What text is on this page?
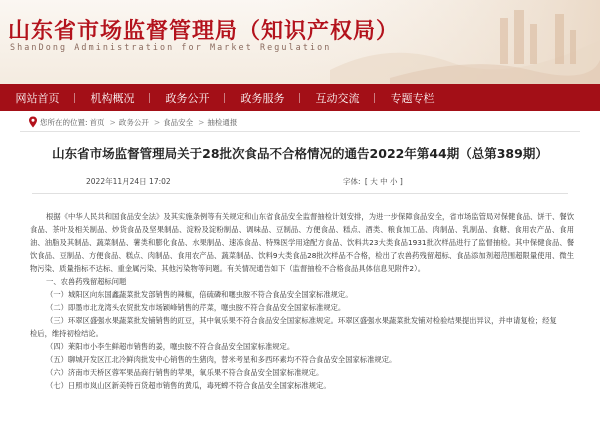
山东省市场监督管理局（知识产权局）
ShanDong Administration for Market Regulation
网站首页	机构概况	政务公开	政务服务	互动交流	专题专栏
您所在的位置: 首页 > 政务公开 > 食品安全 > 抽检通报
山东省市场监督管理局关于28批次食品不合格情况的通告2022年第44期（总第389期）
2022年11月24日 17:02	字体: [ 大 中 小 ]
根据《中华人民共和国食品安全法》及其实施条例等有关规定和山东省食品安全监督抽检计划安排，为进一步保障食品安全，省市场监管局对保健食品、饼干、餐饮食品、茶叶及相关制品、炒货食品及坚果制品、淀粉及淀粉制品、调味品、豆制品、方便食品、糕点、酒类、粮食加工品、肉制品、乳制品、食糖、食用农产品、食用油、油脂及其制品、蔬菜制品、薯类和膨化食品、水果制品、速冻食品、特殊医学用途配方食品、饮料共23大类食品1931批次样品进行了监督抽检。其中保健食品、餐饮食品、豆制品、方便食品、糕点、肉制品、食用农产品、蔬菜制品、饮料9大类食品28批次样品不合格，检出了农兽药残留超标、食品添加剂超范围超限量使用、微生物污染、质量指标不达标、重金属污染、其他污染物等问题。有关情况通告如下（监督抽检不合格食品具体信息见附件2）。
一、农兽药残留超标问题
（一）城阳区向东国鑫蔬菜批发部销售的辣椒，倍硫磷和噻虫胺不符合食品安全国家标准规定。
（二）即墨市北龙湾头农贸批发市场颖峰销售的芹菜，噻虫胺不符合食品安全国家标准规定。
（三）环翠区盛强水果蔬菜批发铺销售的豇豆，其中氧乐果不符合食品安全国家标准规定。环翠区盛强水果蔬菜批发铺对检验结果提出异议，并申请复检；经复
检后，维持初检结论。
（四）莱阳市小李生鲜超市销售的姜，噻虫胺不符合食品安全国家标准规定。
（五）聊城开发区江北冷鲜肉批发中心销售的生猪肉，替米考星和多西环素均不符合食品安全国家标准规定。
（六）济南市天桥区蓉军果品商行销售的苹果，氧乐果不符合食品安全国家标准规定。
（七）日照市岚山区新美特百货超市销售的黄瓜，毒死蜱不符合食品安全国家标准规定。
